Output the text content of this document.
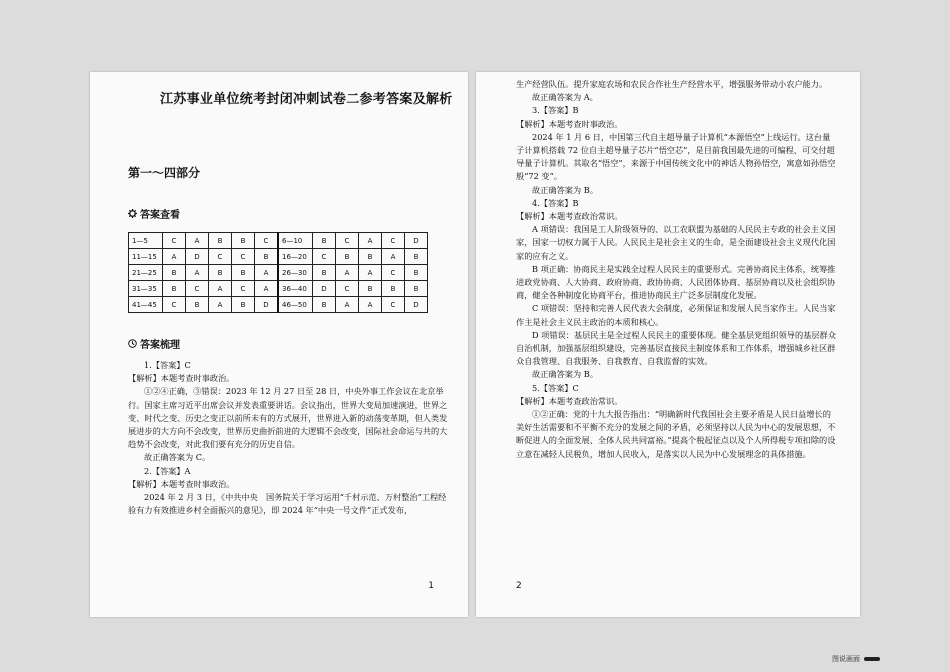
江苏事业单位统考封闭冲刺试卷二参考答案及解析
第一～四部分
答案查看
1—5	C	A	B	B	C	6—10	B	C	A	C	D
11—15	A	D	C	C	B	16—20	C	B	B	A	B
21—25	B	A	B	B	A	26—30	B	A	A	C	B
31—35	B	C	A	C	A	36—40	D	C	B	B	B
41—45	C	B	A	B	D	46—50	B	A	A	C	D
答案梳理
1.【答案】C
【解析】本题考查时事政治。
①②④正确，③错误：2023 年 12 月 27 日至 28 日，中央外事工作会议在北京举行。国家主席习近平出席会议并发表重要讲话。会议指出，世界大变局加速演进，世界之变、时代之变、历史之变正以前所未有的方式展开，世界进入新的动荡变革期，但人类发展进步的大方向不会改变，世界历史曲折前进的大逻辑不会改变，国际社会命运与共的大趋势不会改变，对此我们要有充分的历史自信。
故正确答案为 C。
2.【答案】A
【解析】本题考查时事政治。
2024 年 2 月 3 日，《中共中央　国务院关于学习运用“千村示范、万村整治”工程经验有力有效推进乡村全面振兴的意见》，即 2024 年“中央一号文件”正式发布，
1
生产经营队伍。提升家庭农场和农民合作社生产经营水平，增强服务带动小农户能力。
故正确答案为 A。
3.【答案】B
【解析】本题考查时事政治。
2024 年 1 月 6 日，中国第三代自主超导量子计算机“本源悟空”上线运行。这台量子计算机搭载 72 位自主超导量子芯片“悟空芯”，是目前我国最先进的可编程、可交付超导量子计算机。其取名“悟空”，来源于中国传统文化中的神话人物孙悟空，寓意如孙悟空般“72 变”。
故正确答案为 B。
4.【答案】B
【解析】本题考查政治常识。
A 项错误：我国是工人阶级领导的、以工农联盟为基础的人民民主专政的社会主义国家，国家一切权力属于人民。人民民主是社会主义的生命，是全面建设社会主义现代化国家的应有之义。
B 项正确：协商民主是实践全过程人民民主的重要形式。完善协商民主体系，统筹推进政党协商、人大协商、政府协商、政协协商、人民团体协商、基层协商以及社会组织协商，健全各种制度化协商平台，推进协商民主广泛多层制度化发展。
C 项错误：坚持和完善人民代表大会制度，必须保证和发展人民当家作主。人民当家作主是社会主义民主政治的本质和核心。
D 项错误：基层民主是全过程人民民主的重要体现。健全基层党组织领导的基层群众自治机制，加强基层组织建设，完善基层直接民主制度体系和工作体系，增强城乡社区群众自我管理、自我服务、自我教育、自我监督的实效。
故正确答案为 B。
5.【答案】C
【解析】本题考查政治常识。
①②正确：党的十九大报告指出：“明确新时代我国社会主要矛盾是人民日益增长的美好生活需要和不平衡不充分的发展之间的矛盾，必须坚持以人民为中心的发展思想，不断促进人的全面发展、全体人民共同富裕。”提高个税起征点以及个人所得税专项扣除的设立意在减轻人民税负，增加人民收入，是落实以人民为中心发展理念的具体措施。
2
图说画面
